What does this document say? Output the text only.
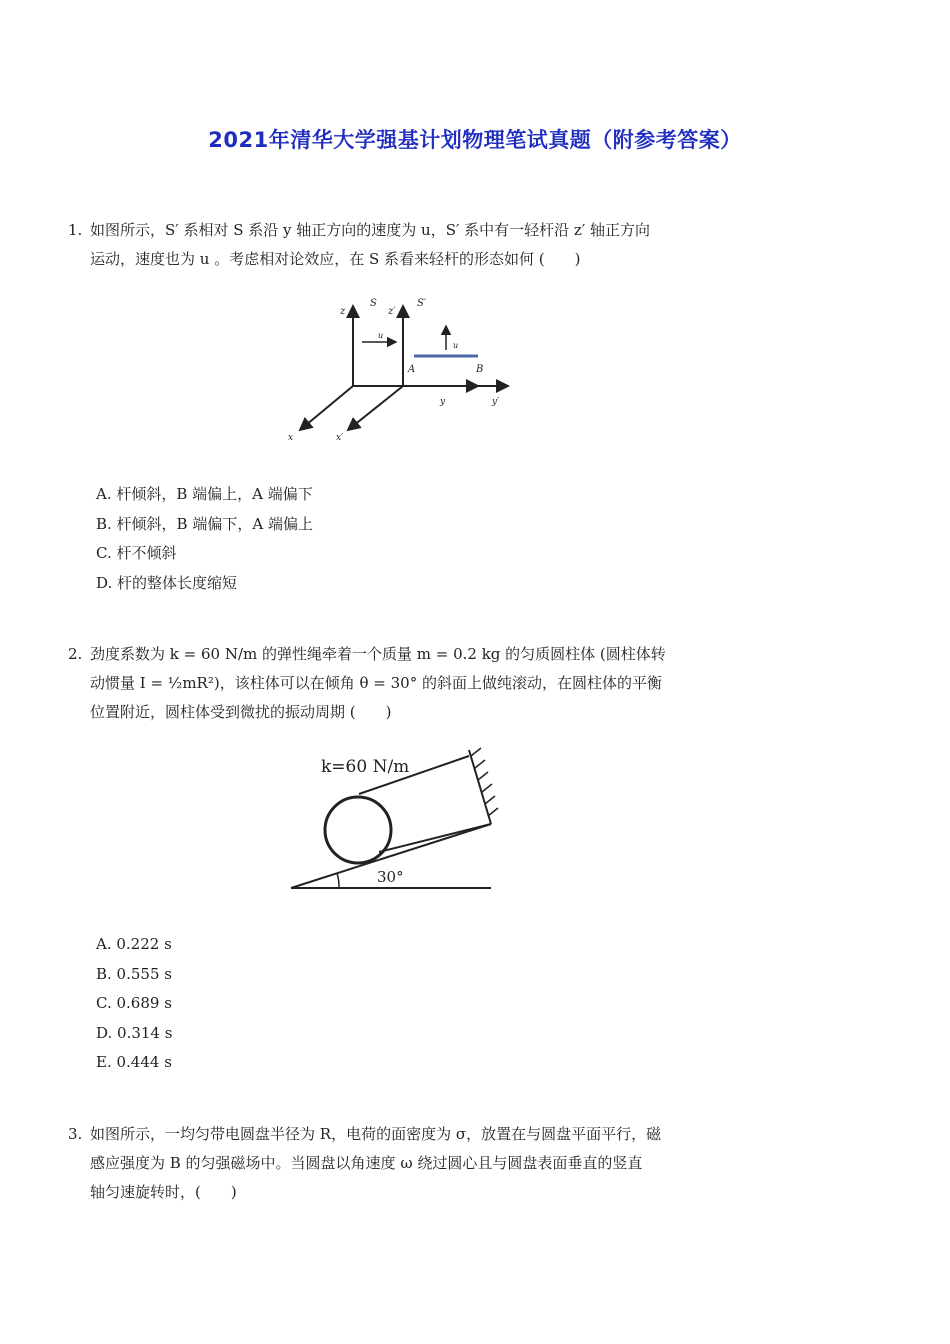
2021年清华大学强基计划物理笔试真题（附参考答案）
1. 如图所示，S′ 系相对 S 系沿 y 轴正方向的速度为 u，S′ 系中有一轻杆沿 z′ 轴正方向
运动，速度也为 u 。考虑相对论效应，在 S 系看来轻杆的形态如何 (　　)
z
S
z′
S′
u
u
A	B
y	y′
x	x′
A. 杆倾斜，B 端偏上，A 端偏下
B. 杆倾斜，B 端偏下，A 端偏上
C. 杆不倾斜
D. 杆的整体长度缩短
2. 劲度系数为 k = 60 N/m 的弹性绳牵着一个质量 m = 0.2 kg 的匀质圆柱体 (圆柱体转
动惯量 I = ½mR²)，该柱体可以在倾角 θ = 30° 的斜面上做纯滚动，在圆柱体的平衡
位置附近，圆柱体受到微扰的振动周期 (　　)
k=60 N/m
30°
A. 0.222 s
B. 0.555 s
C. 0.689 s
D. 0.314 s
E. 0.444 s
3. 如图所示，一均匀带电圆盘半径为 R，电荷的面密度为 σ，放置在与圆盘平面平行，磁
感应强度为 B 的匀强磁场中。当圆盘以角速度 ω 绕过圆心且与圆盘表面垂直的竖直
轴匀速旋转时，(　　)
